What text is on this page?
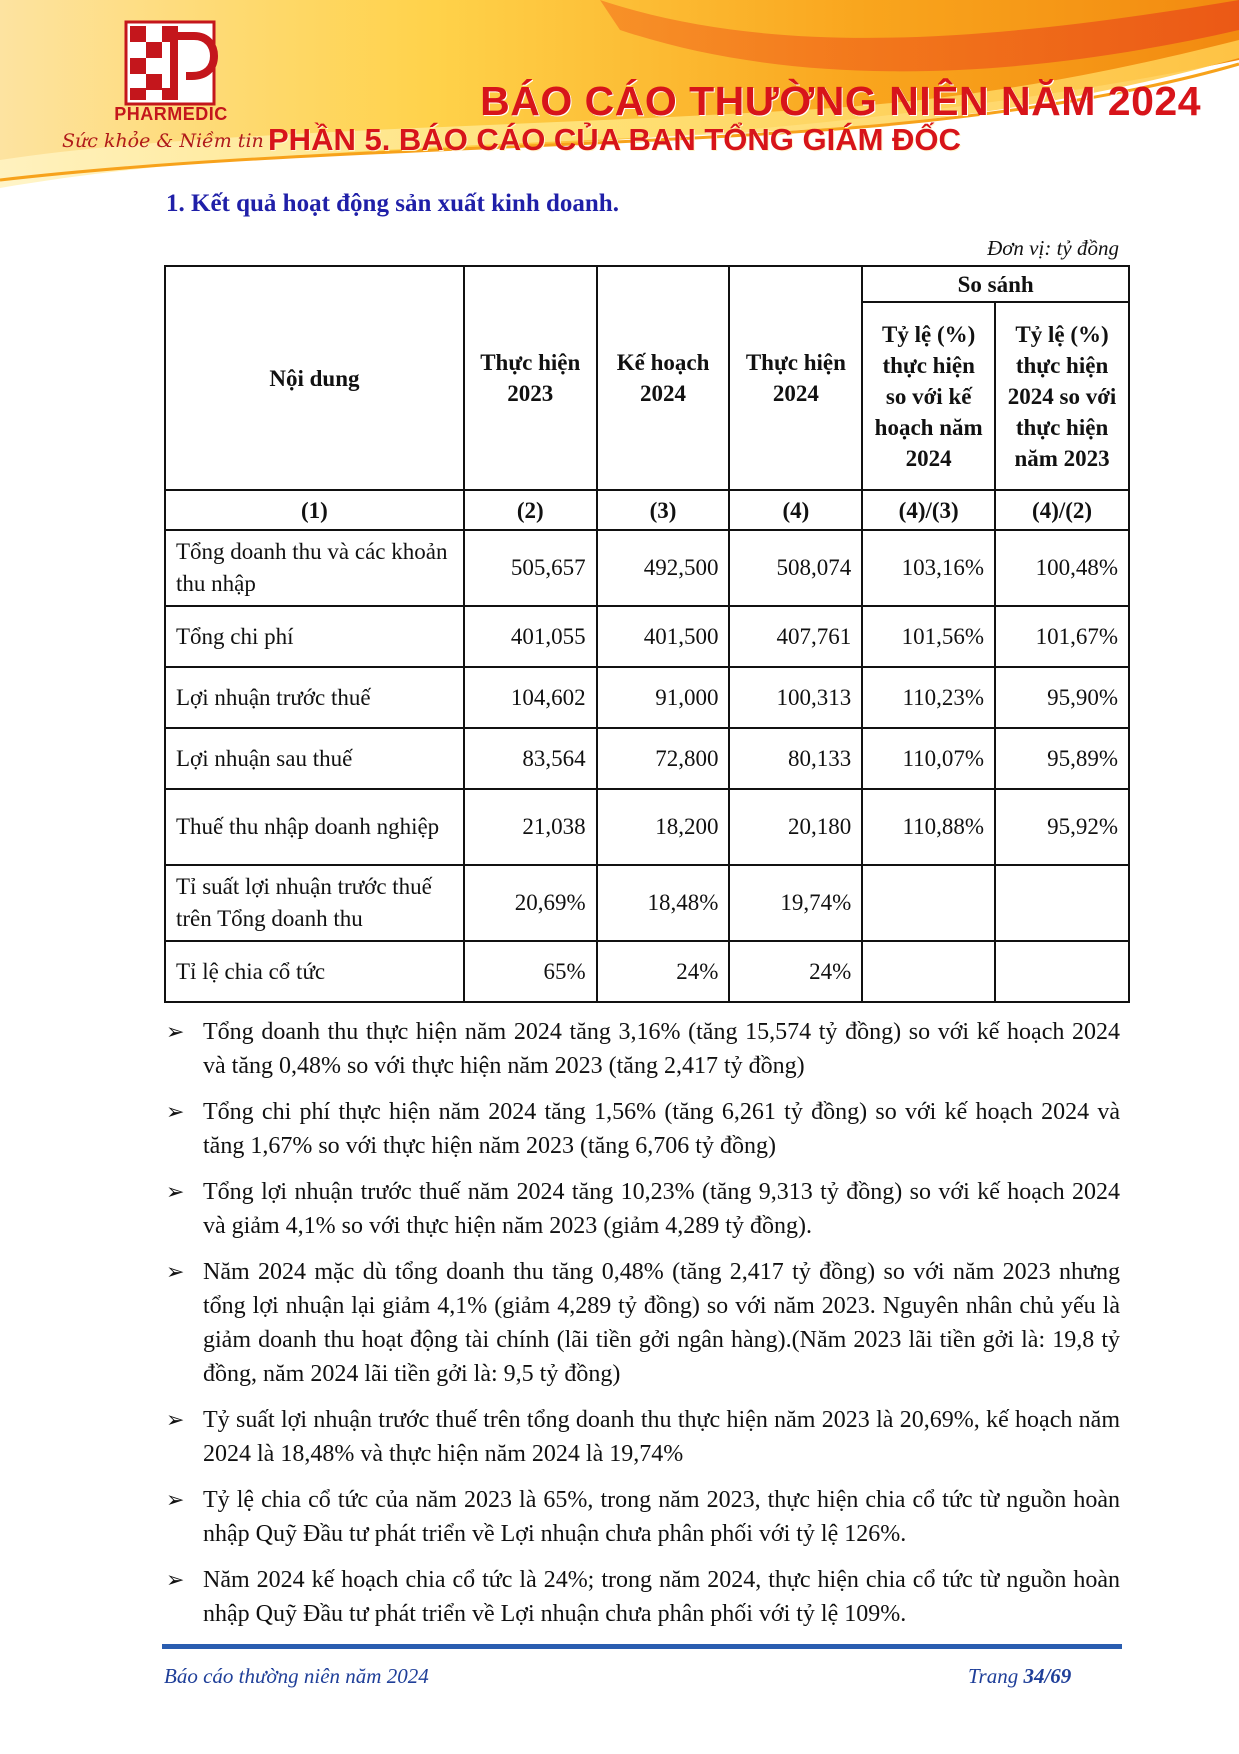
PHARMEDIC
Sức khỏe & Niềm tin
BÁO CÁO THƯỜNG NIÊN NĂM 2024
PHẦN 5. BÁO CÁO CỦA BAN TỔNG GIÁM ĐỐC
1. Kết quả hoạt động sản xuất kinh doanh.
Đơn vị: tỷ đồng
Nội dung	Thực hiện 2023	Kế hoạch 2024	Thực hiện 2024	So sánh	
				Tỷ lệ (%) thực hiện so với kế hoạch năm 2024	Tỷ lệ (%) thực hiện 2024 so với thực hiện năm 2023
(1)	(2)	(3)	(4)	(4)/(3)	(4)/(2)
Tổng doanh thu và các khoản thu nhập	505,657	492,500	508,074	103,16%	100,48%
Tổng chi phí	401,055	401,500	407,761	101,56%	101,67%
Lợi nhuận trước thuế	104,602	91,000	100,313	110,23%	95,90%
Lợi nhuận sau thuế	83,564	72,800	80,133	110,07%	95,89%
Thuế thu nhập doanh nghiệp	21,038	18,200	20,180	110,88%	95,92%
Tỉ suất lợi nhuận trước thuế trên Tổng doanh thu	20,69%	18,48%	19,74%		
Tỉ lệ chia cổ tức	65%	24%	24%		
➢ Tổng doanh thu thực hiện năm 2024 tăng 3,16% (tăng 15,574 tỷ đồng) so với kế hoạch 2024 và tăng 0,48% so với thực hiện năm 2023 (tăng 2,417 tỷ đồng)
➢ Tổng chi phí thực hiện năm 2024 tăng 1,56% (tăng 6,261 tỷ đồng) so với kế hoạch 2024 và tăng 1,67% so với thực hiện năm 2023 (tăng 6,706 tỷ đồng)
➢ Tổng lợi nhuận trước thuế năm 2024 tăng 10,23% (tăng 9,313 tỷ đồng) so với kế hoạch 2024 và giảm 4,1% so với thực hiện năm 2023 (giảm 4,289 tỷ đồng).
➢ Năm 2024 mặc dù tổng doanh thu tăng 0,48% (tăng 2,417 tỷ đồng) so với năm 2023 nhưng tổng lợi nhuận lại giảm 4,1% (giảm 4,289 tỷ đồng) so với năm 2023. Nguyên nhân chủ yếu là giảm doanh thu hoạt động tài chính (lãi tiền gởi ngân hàng).(Năm 2023 lãi tiền gởi là: 19,8 tỷ đồng, năm 2024 lãi tiền gởi là: 9,5 tỷ đồng)
➢ Tỷ suất lợi nhuận trước thuế trên tổng doanh thu thực hiện năm 2023 là 20,69%, kế hoạch năm 2024 là 18,48% và thực hiện năm 2024 là 19,74%
➢ Tỷ lệ chia cổ tức của năm 2023 là 65%, trong năm 2023, thực hiện chia cổ tức từ nguồn hoàn nhập Quỹ Đầu tư phát triển về Lợi nhuận chưa phân phối với tỷ lệ 126%.
➢ Năm 2024 kế hoạch chia cổ tức là 24%; trong năm 2024, thực hiện chia cổ tức từ nguồn hoàn nhập Quỹ Đầu tư phát triển về Lợi nhuận chưa phân phối với tỷ lệ 109%.
Báo cáo thường niên năm 2024	Trang 34/69
